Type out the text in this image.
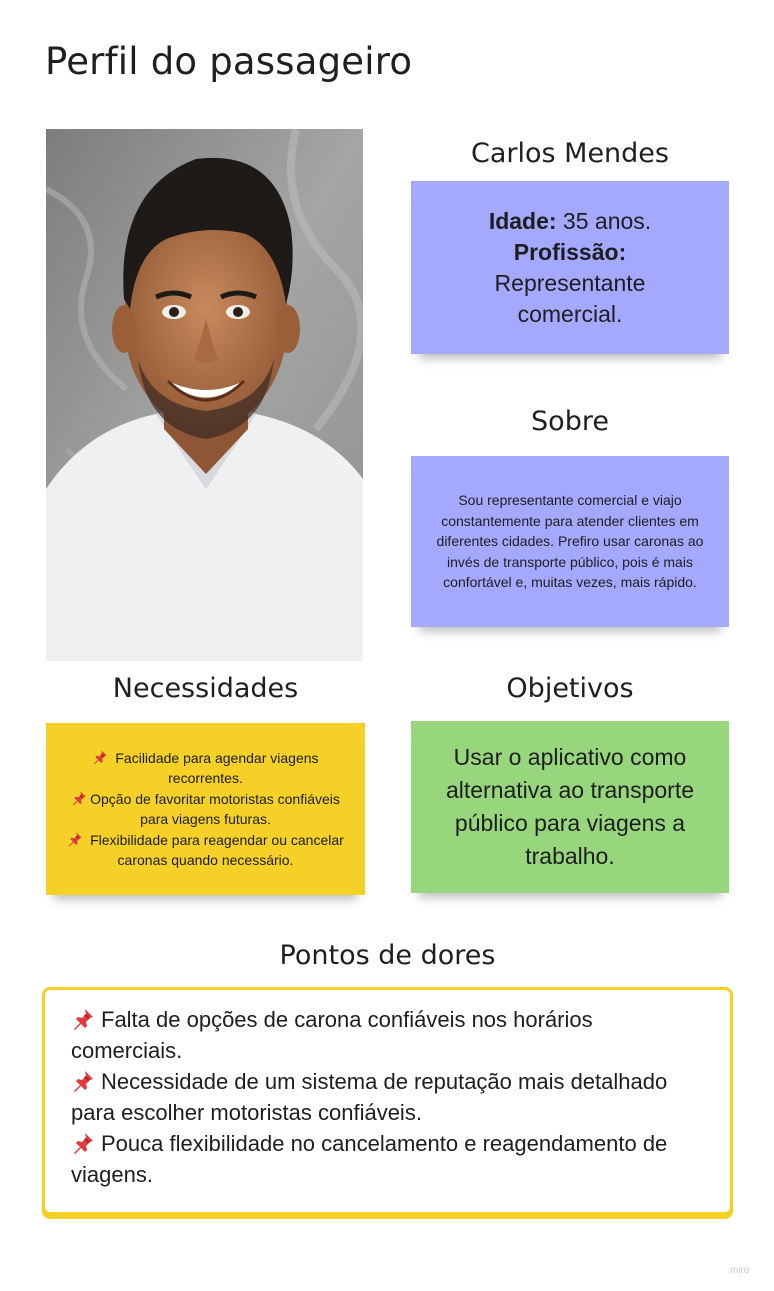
Perfil do passageiro
Carlos Mendes
Idade: 35 anos.
Profissão:
Representante
comercial.
Sobre
Sou representante comercial e viajo constantemente para atender clientes em diferentes cidades. Prefiro usar caronas ao invés de transporte público, pois é mais confortável e, muitas vezes, mais rápido.
Necessidades
Facilidade para agendar viagens recorrentes.
Opção de favoritar motoristas confiáveis para viagens futuras.
Flexibilidade para reagendar ou cancelar caronas quando necessário.
Objetivos
Usar o aplicativo como alternativa ao transporte público para viagens a trabalho.
Pontos de dores
Falta de opções de carona confiáveis nos horários comerciais.
Necessidade de um sistema de reputação mais detalhado para escolher motoristas confiáveis.
Pouca flexibilidade no cancelamento e reagendamento de viagens.
miro
